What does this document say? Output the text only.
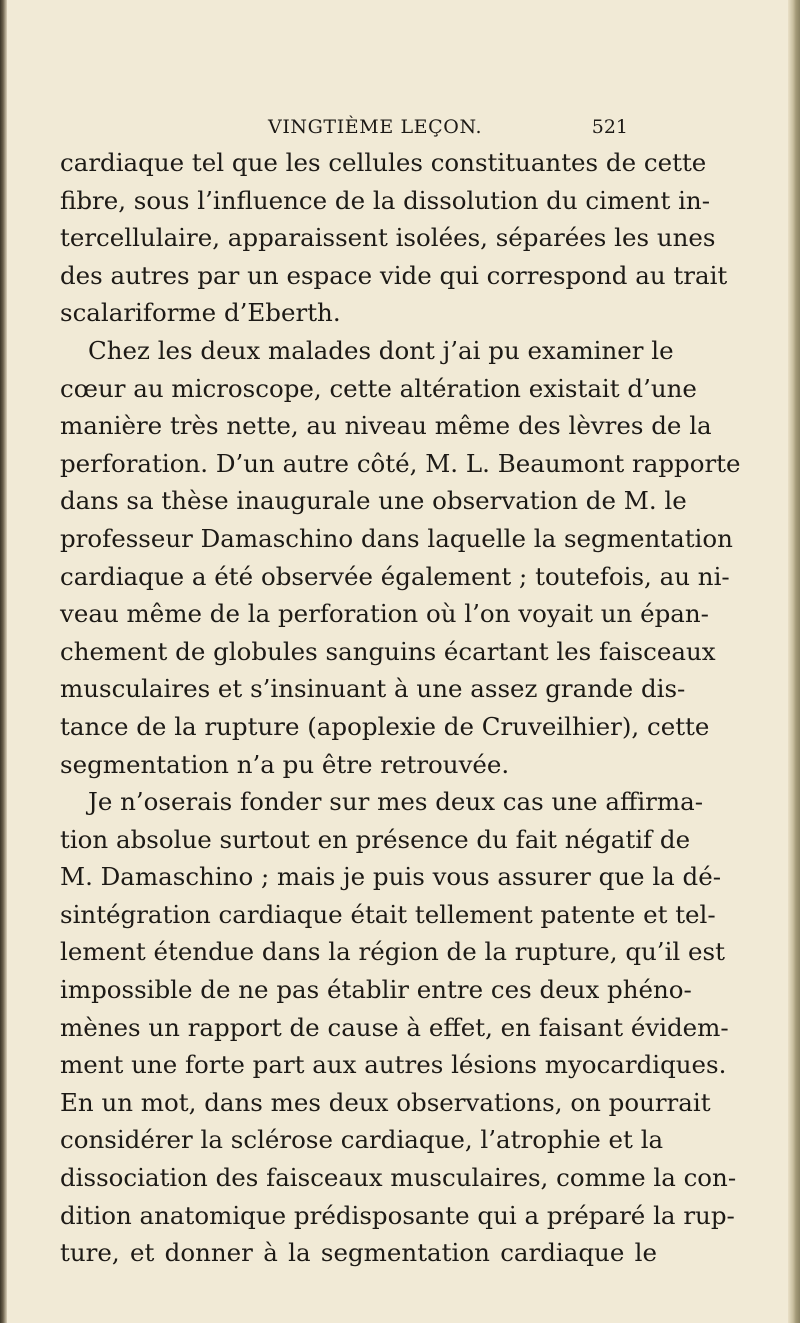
VINGTIÈME LEÇON.	521
cardiaque tel que les cellules constituantes de cette
fibre, sous l’influence de la dissolution du ciment in-
tercellulaire, apparaissent isolées, séparées les unes
des autres par un espace vide qui correspond au trait
scalariforme d’Eberth.
Chez les deux malades dont j’ai pu examiner le
cœur au microscope, cette altération existait d’une
manière très nette, au niveau même des lèvres de la
perforation. D’un autre côté, M. L. Beaumont rapporte
dans sa thèse inaugurale une observation de M. le
professeur Damaschino dans laquelle la segmentation
cardiaque a été observée également ; toutefois, au ni-
veau même de la perforation où l’on voyait un épan-
chement de globules sanguins écartant les faisceaux
musculaires et s’insinuant à une assez grande dis-
tance de la rupture (apoplexie de Cruveilhier), cette
segmentation n’a pu être retrouvée.
Je n’oserais fonder sur mes deux cas une affirma-
tion absolue surtout en présence du fait négatif de
M. Damaschino ; mais je puis vous assurer que la dé-
sintégration cardiaque était tellement patente et tel-
lement étendue dans la région de la rupture, qu’il est
impossible de ne pas établir entre ces deux phéno-
mènes un rapport de cause à effet, en faisant évidem-
ment une forte part aux autres lésions myocardiques.
En un mot, dans mes deux observations, on pourrait
considérer la sclérose cardiaque, l’atrophie et la
dissociation des faisceaux musculaires, comme la con-
dition anatomique prédisposante qui a préparé la rup-
ture, et donner à la segmentation cardiaque le
